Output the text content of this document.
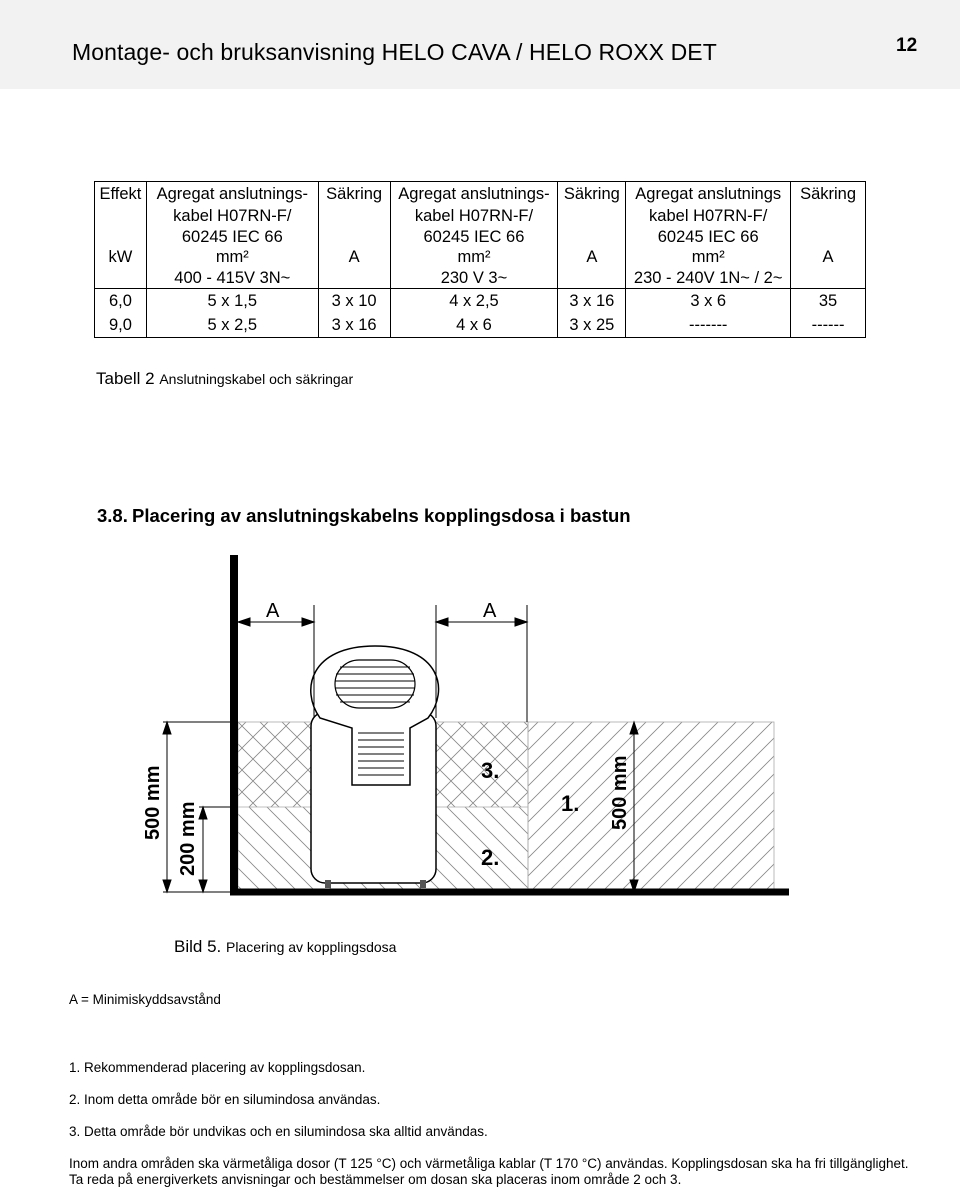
Montage- och bruksanvisning HELO CAVA / HELO ROXX DET	12
Effekt	Agregat anslutnings-	Säkring	Agregat anslutnings-	Säkring	Agregat anslutnings	Säkring
	kabel H07RN-F/		kabel H07RN-F/		kabel H07RN-F/	
	60245 IEC 66		60245 IEC 66		60245 IEC 66	
kW	mm²	A	mm²	A	mm²	A
	400 - 415V 3N~		230 V 3~		230 - 240V 1N~ / 2~	
6,0	5 x 1,5	3 x 10	4 x 2,5	3 x 16	3 x 6	35
9,0	5 x 2,5	3 x 16	4 x 6	3 x 25	-------	------
Tabell 2 Anslutningskabel och säkringar
3.8. Placering av anslutningskabelns kopplingsdosa i bastun
A	A
500 mm 200 mm
500 mm
3.
2.
1.
Bild 5. Placering av kopplingsdosa
A = Minimiskyddsavstånd
1. Rekommenderad placering av kopplingsdosan.
2. Inom detta område bör en silumindosa användas.
3. Detta område bör undvikas och en silumindosa ska alltid användas.
Inom andra områden ska värmetåliga dosor (T 125 °C) och värmetåliga kablar (T 170 °C) användas. Kopplingsdosan ska ha fri tillgänglighet. Ta reda på energiverkets anvisningar och bestämmelser om dosan ska placeras inom område 2 och 3.
